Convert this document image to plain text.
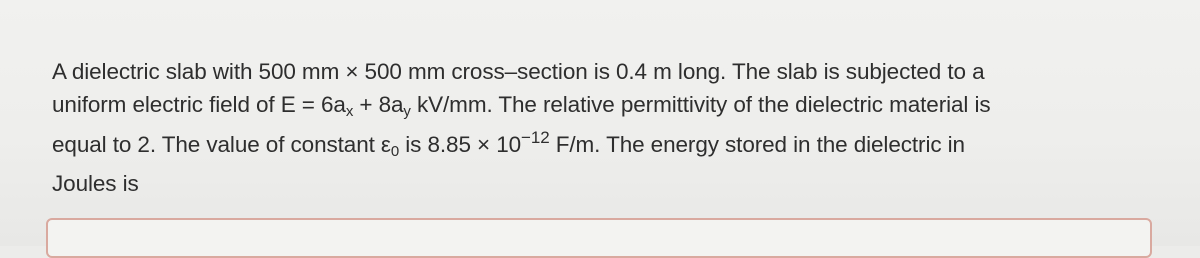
A dielectric slab with 500 mm × 500 mm cross–section is 0.4 m long. The slab is subjected to a
uniform electric field of $E = 6a_x + 8a_y$ kV/mm. The relative permittivity of the dielectric material is
equal to 2. The value of constant $\varepsilon_0$ is $8.85 \times 10^{-12}$ F/m. The energy stored in the dielectric in
Joules is
